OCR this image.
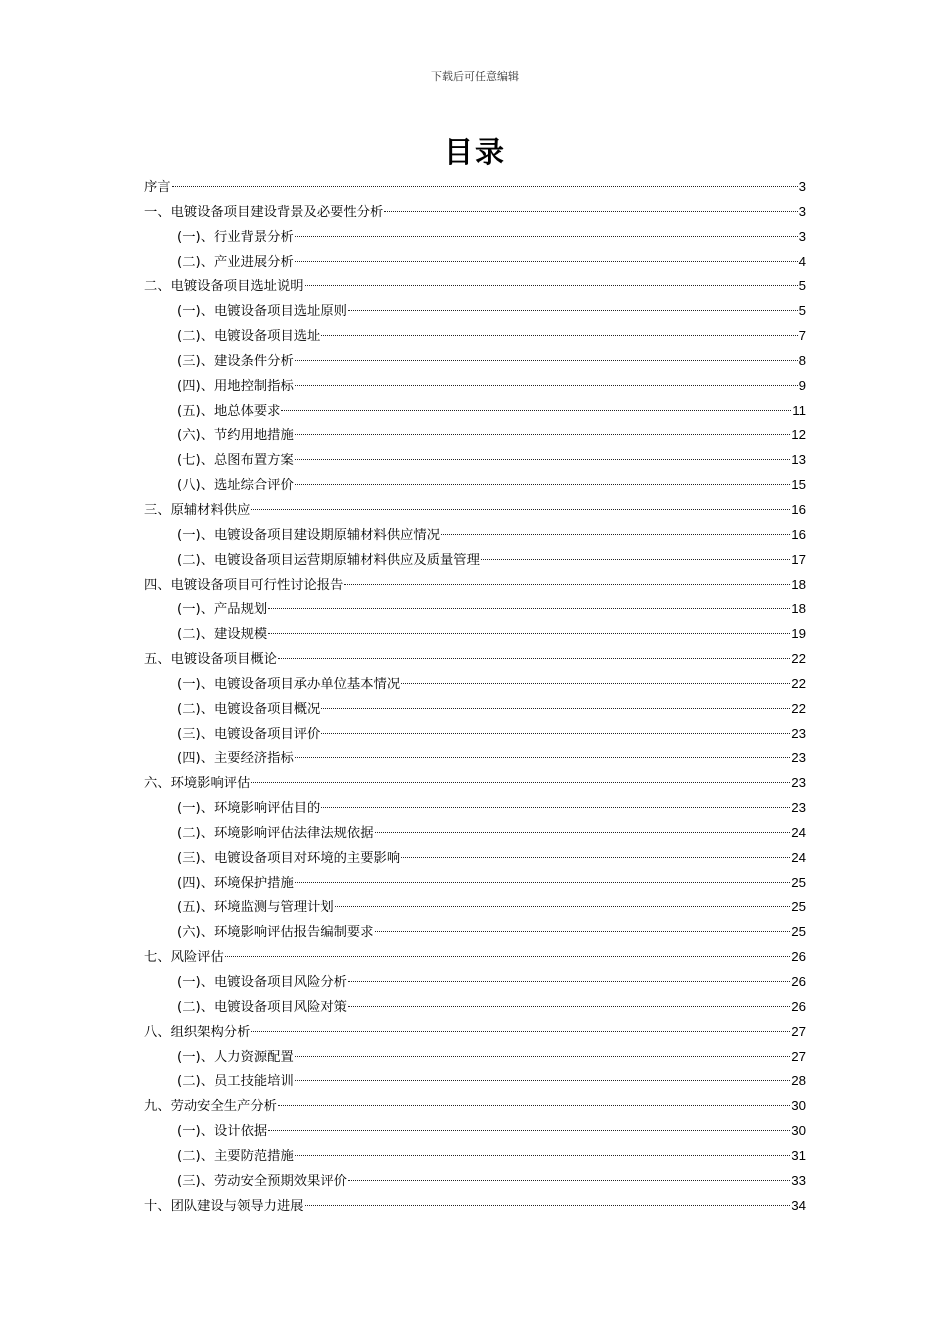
下载后可任意编辑
目录
序言	3
一、电镀设备项目建设背景及必要性分析	3
(一)、行业背景分析	3
(二)、产业进展分析	4
二、电镀设备项目选址说明	5
(一)、电镀设备项目选址原则	5
(二)、电镀设备项目选址	7
(三)、建设条件分析	8
(四)、用地控制指标	9
(五)、地总体要求	11
(六)、节约用地措施	12
(七)、总图布置方案	13
(八)、选址综合评价	15
三、原辅材料供应	16
(一)、电镀设备项目建设期原辅材料供应情况	16
(二)、电镀设备项目运营期原辅材料供应及质量管理	17
四、电镀设备项目可行性讨论报告	18
(一)、产品规划	18
(二)、建设规模	19
五、电镀设备项目概论	22
(一)、电镀设备项目承办单位基本情况	22
(二)、电镀设备项目概况	22
(三)、电镀设备项目评价	23
(四)、主要经济指标	23
六、环境影响评估	23
(一)、环境影响评估目的	23
(二)、环境影响评估法律法规依据	24
(三)、电镀设备项目对环境的主要影响	24
(四)、环境保护措施	25
(五)、环境监测与管理计划	25
(六)、环境影响评估报告编制要求	25
七、风险评估	26
(一)、电镀设备项目风险分析	26
(二)、电镀设备项目风险对策	26
八、组织架构分析	27
(一)、人力资源配置	27
(二)、员工技能培训	28
九、劳动安全生产分析	30
(一)、设计依据	30
(二)、主要防范措施	31
(三)、劳动安全预期效果评价	33
十、团队建设与领导力进展	34
